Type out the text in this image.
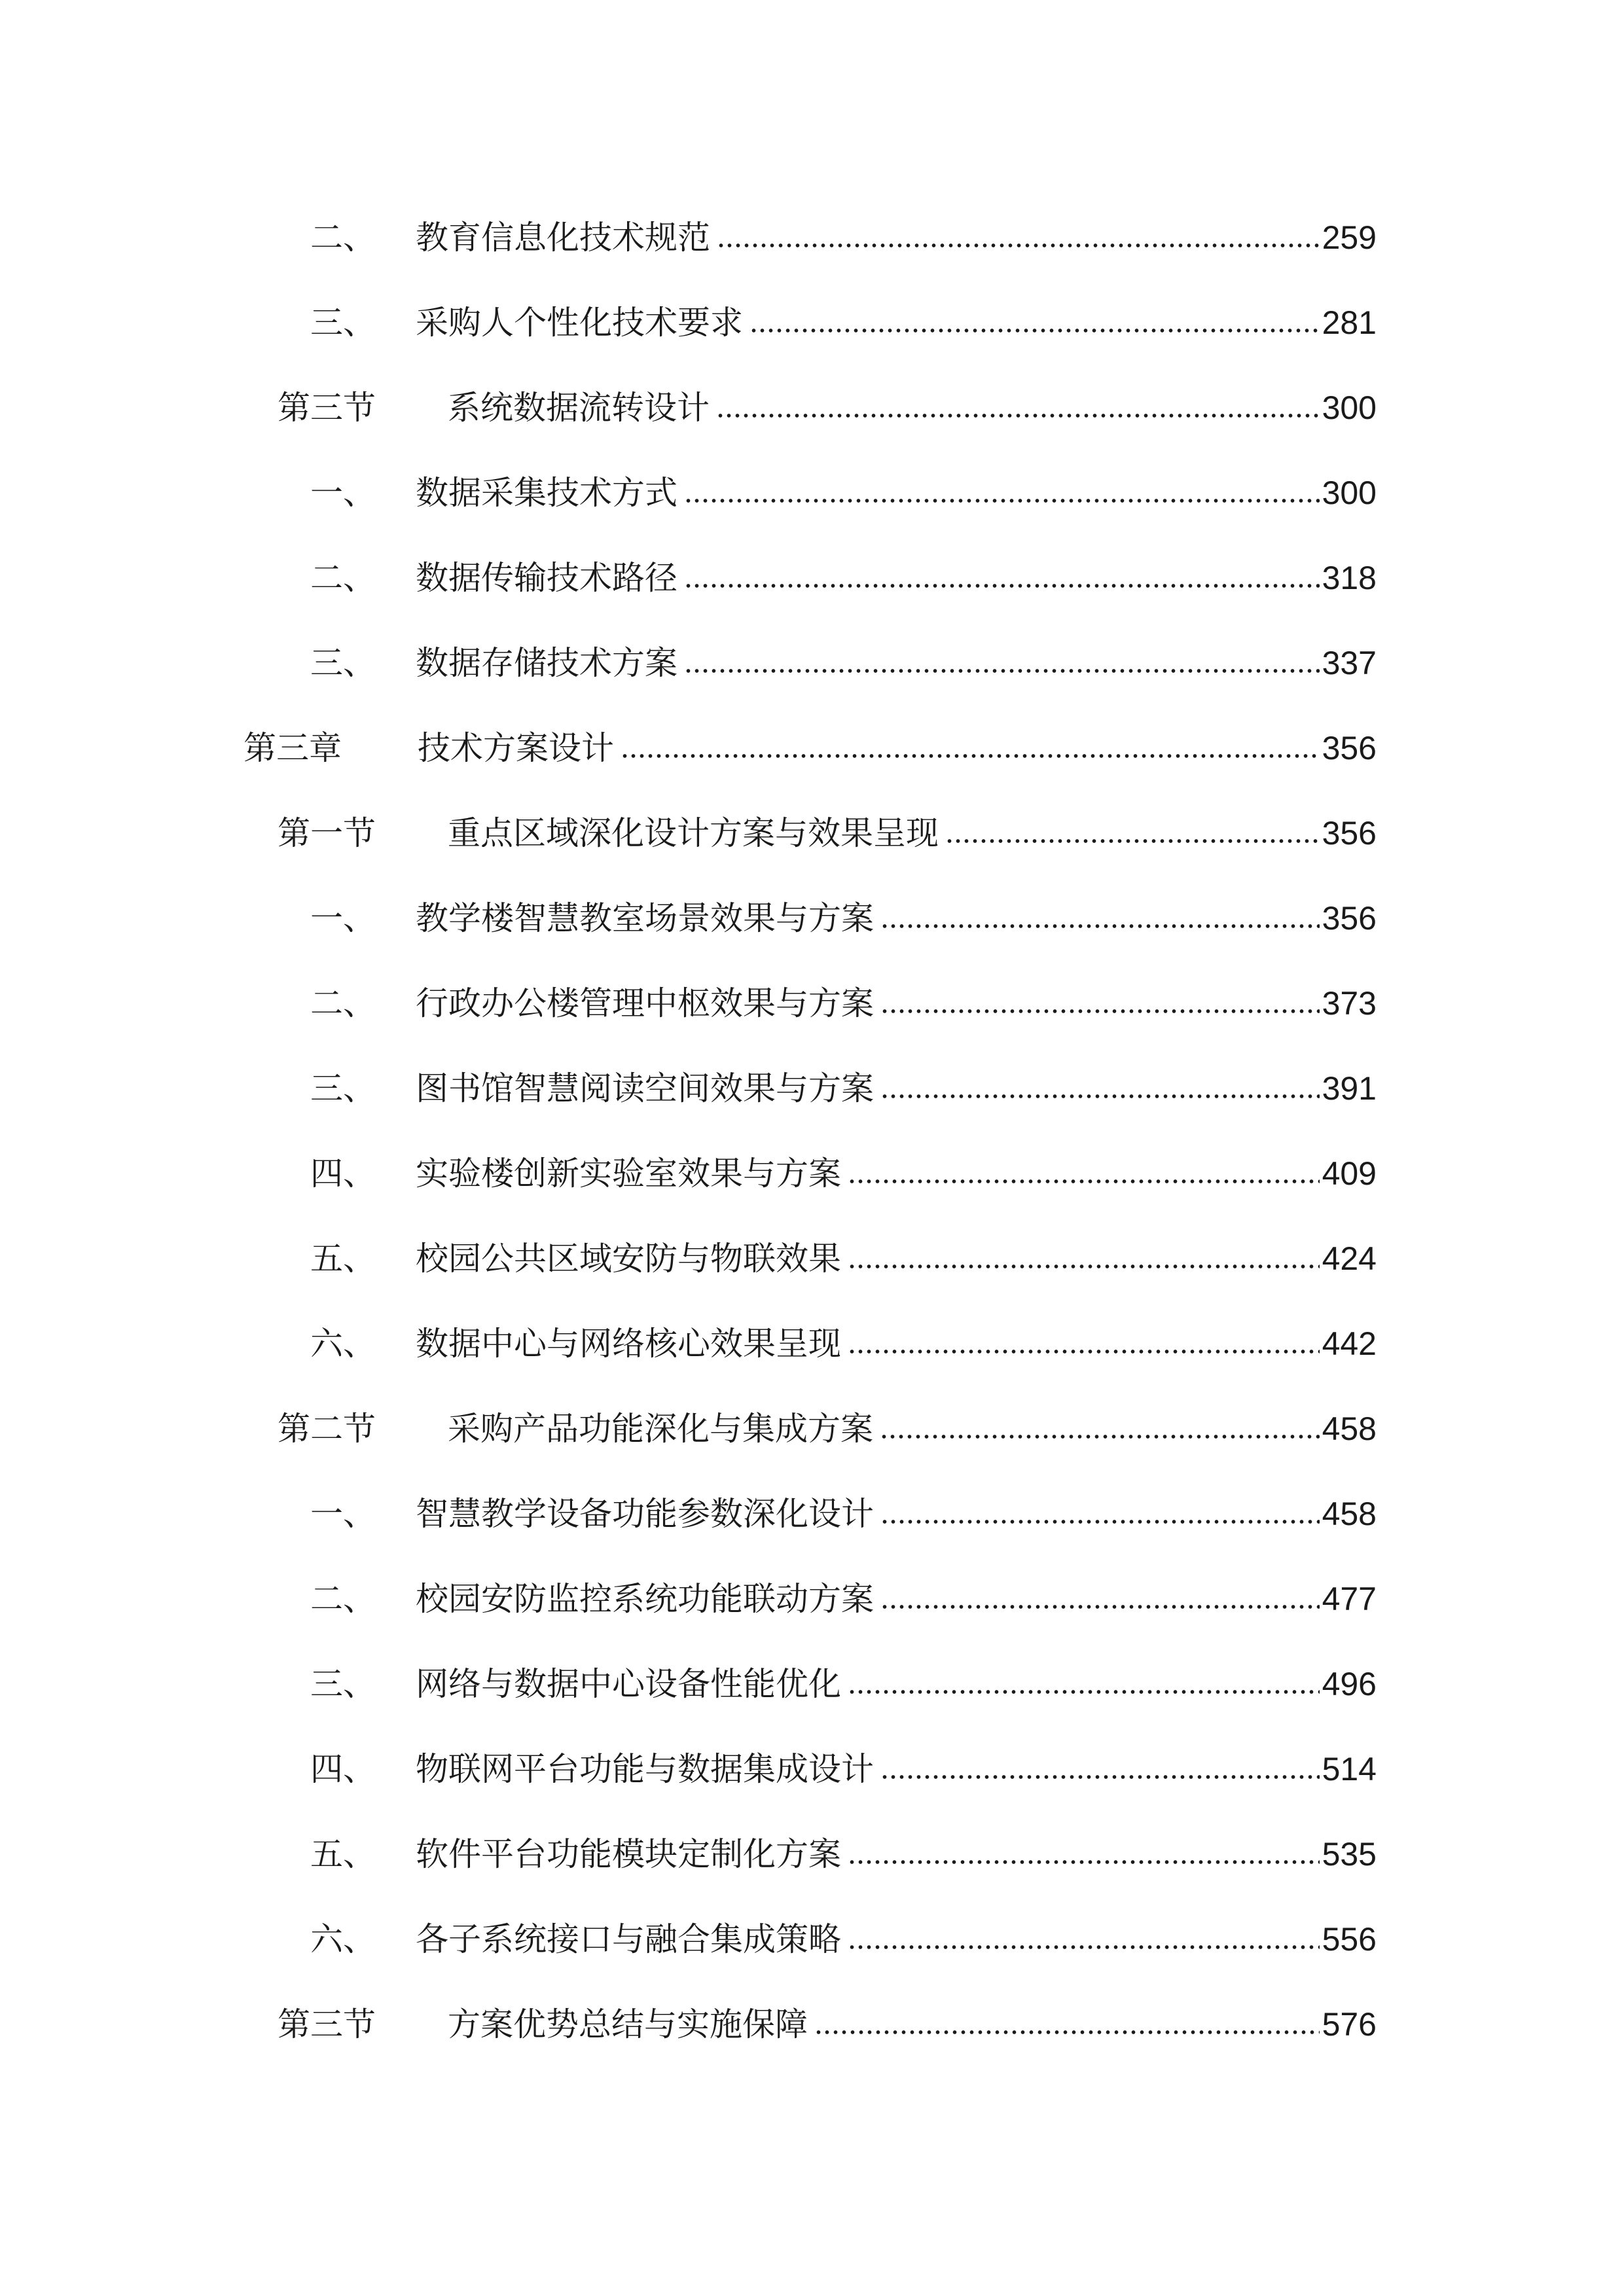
二、	教育信息化技术规范	259
三、	采购人个性化技术要求	281
第三节	系统数据流转设计	300
一、	数据采集技术方式	300
二、	数据传输技术路径	318
三、	数据存储技术方案	337
第三章	技术方案设计	356
第一节	重点区域深化设计方案与效果呈现	356
一、	教学楼智慧教室场景效果与方案	356
二、	行政办公楼管理中枢效果与方案	373
三、	图书馆智慧阅读空间效果与方案	391
四、	实验楼创新实验室效果与方案	409
五、	校园公共区域安防与物联效果	424
六、	数据中心与网络核心效果呈现	442
第二节	采购产品功能深化与集成方案	458
一、	智慧教学设备功能参数深化设计	458
二、	校园安防监控系统功能联动方案	477
三、	网络与数据中心设备性能优化	496
四、	物联网平台功能与数据集成设计	514
五、	软件平台功能模块定制化方案	535
六、	各子系统接口与融合集成策略	556
第三节	方案优势总结与实施保障	576
